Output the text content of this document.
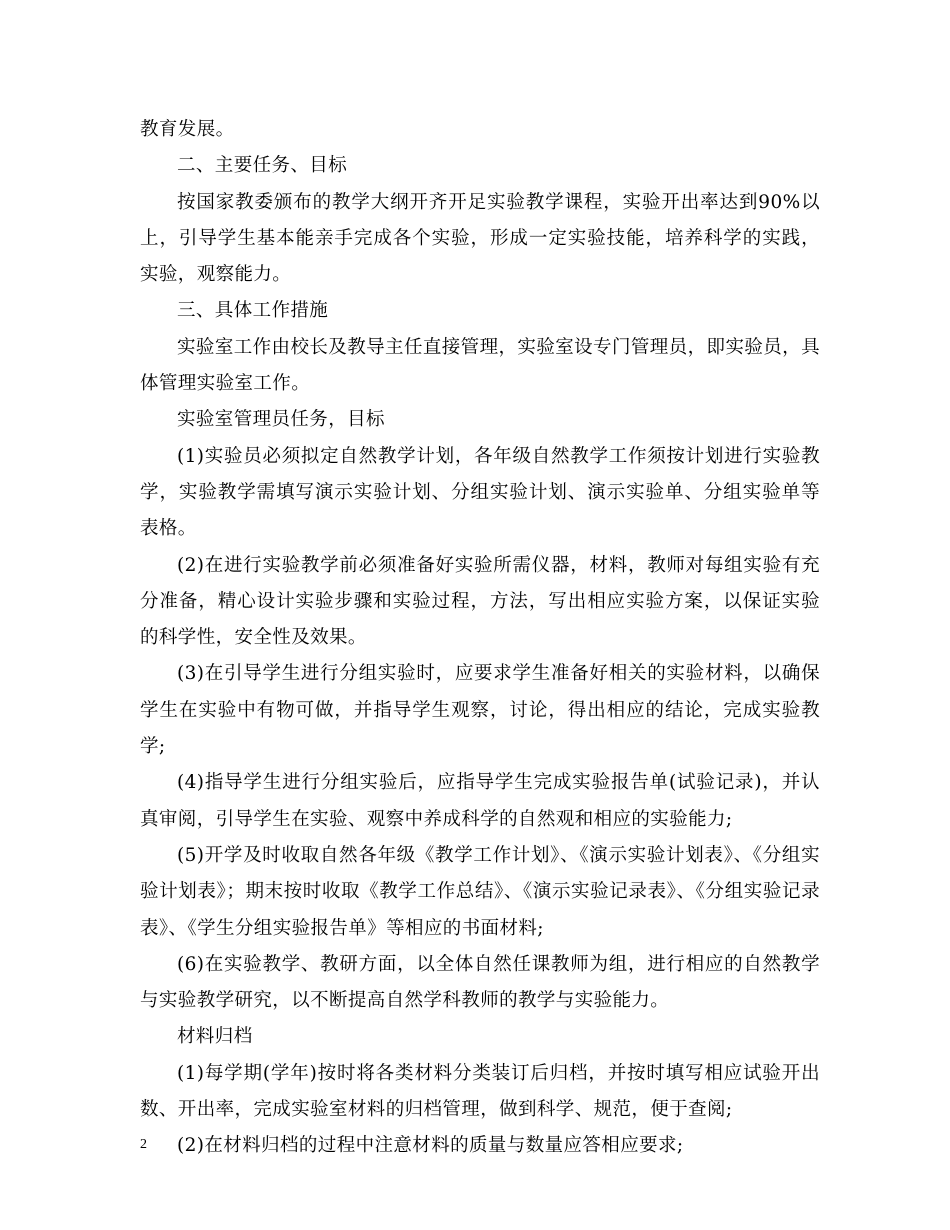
教育发展。

二、主要任务、目标

按国家教委颁布的教学大纲开齐开足实验教学课程，实验开出率达到90%以上，引导学生基本能亲手完成各个实验，形成一定实验技能，培养科学的实践，实验，观察能力。

三、具体工作措施

实验室工作由校长及教导主任直接管理，实验室设专门管理员，即实验员，具体管理实验室工作。

实验室管理员任务，目标

(1)实验员必须拟定自然教学计划，各年级自然教学工作须按计划进行实验教学，实验教学需填写演示实验计划、分组实验计划、演示实验单、分组实验单等表格。

(2)在进行实验教学前必须准备好实验所需仪器，材料，教师对每组实验有充分准备，精心设计实验步骤和实验过程，方法，写出相应实验方案，以保证实验的科学性，安全性及效果。

(3)在引导学生进行分组实验时，应要求学生准备好相关的实验材料，以确保学生在实验中有物可做，并指导学生观察，讨论，得出相应的结论，完成实验教学;

(4)指导学生进行分组实验后，应指导学生完成实验报告单(试验记录)，并认真审阅，引导学生在实验、观察中养成科学的自然观和相应的实验能力;

(5)开学及时收取自然各年级《教学工作计划》、《演示实验计划表》、《分组实验计划表》；期末按时收取《教学工作总结》、《演示实验记录表》、《分组实验记录表》、《学生分组实验报告单》等相应的书面材料;

(6)在实验教学、教研方面，以全体自然任课教师为组，进行相应的自然教学与实验教学研究，以不断提高自然学科教师的教学与实验能力。

材料归档

(1)每学期(学年)按时将各类材料分类装订后归档，并按时填写相应试验开出数、开出率，完成实验室材料的归档管理，做到科学、规范，便于查阅;

(2)在材料归档的过程中注意材料的质量与数量应答相应要求;

2
